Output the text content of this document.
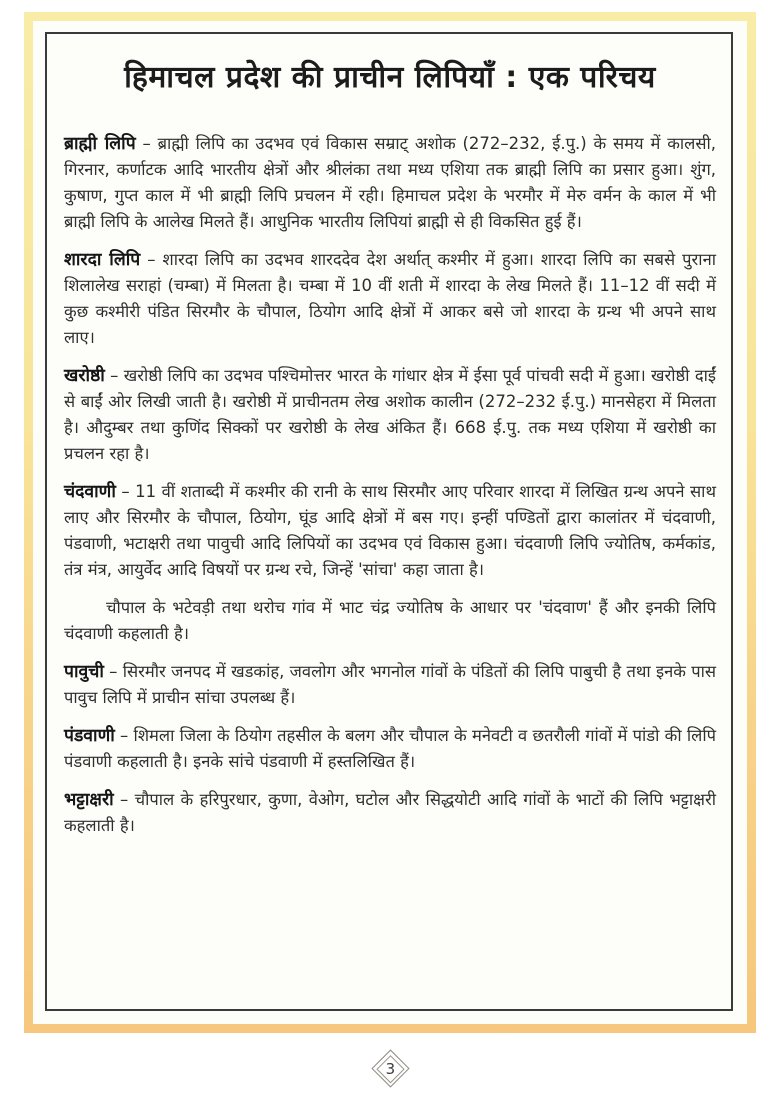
हिमाचल प्रदेश की प्राचीन लिपियाँ : एक परिचय

ब्राह्मी लिपि – ब्राह्मी लिपि का उदभव एवं विकास सम्राट् अशोक (272–232, ई.पु.) के समय में कालसी, गिरनार, कर्णाटक आदि भारतीय क्षेत्रों और श्रीलंका तथा मध्य एशिया तक ब्राह्मी लिपि का प्रसार हुआ। शुंग, कुषाण, गुप्त काल में भी ब्राह्मी लिपि प्रचलन में रही। हिमाचल प्रदेश के भरमौर में मेरु वर्मन के काल में भी ब्राह्मी लिपि के आलेख मिलते हैं। आधुनिक भारतीय लिपियां ब्राह्मी से ही विकसित हुई हैं।

शारदा लिपि – शारदा लिपि का उदभव शारददेव देश अर्थात् कश्मीर में हुआ। शारदा लिपि का सबसे पुराना शिलालेख सराहां (चम्बा) में मिलता है। चम्बा में 10 वीं शती में शारदा के लेख मिलते हैं। 11–12 वीं सदी में कुछ कश्मीरी पंडित सिरमौर के चौपाल, ठियोग आदि क्षेत्रों में आकर बसे जो शारदा के ग्रन्थ भी अपने साथ लाए।

खरोष्ठी – खरोष्ठी लिपि का उदभव पश्चिमोत्तर भारत के गांधार क्षेत्र में ईसा पूर्व पांचवी सदी में हुआ। खरोष्ठी दाईं से बाईं ओर लिखी जाती है। खरोष्ठी में प्राचीनतम लेख अशोक कालीन (272–232 ई.पु.) मानसेहरा में मिलता है। औदुम्बर तथा कुणिंद सिक्कों पर खरोष्ठी के लेख अंकित हैं। 668 ई.पु. तक मध्य एशिया में खरोष्ठी का प्रचलन रहा है।

चंदवाणी – 11 वीं शताब्दी में कश्मीर की रानी के साथ सिरमौर आए परिवार शारदा में लिखित ग्रन्थ अपने साथ लाए और सिरमौर के चौपाल, ठियोग, घूंड आदि क्षेत्रों में बस गए। इन्हीं पण्डितों द्वारा कालांतर में चंदवाणी, पंडवाणी, भटाक्षरी तथा पावुची आदि लिपियों का उदभव एवं विकास हुआ। चंदवाणी लिपि ज्योतिष, कर्मकांड, तंत्र मंत्र, आयुर्वेद आदि विषयों पर ग्रन्थ रचे, जिन्हें 'सांचा' कहा जाता है।

चौपाल के भटेवड़ी तथा थरोच गांव में भाट चंद्र ज्योतिष के आधार पर 'चंदवाण' हैं और इनकी लिपि चंदवाणी कहलाती है।

पावुची – सिरमौर जनपद में खडकांह, जवलोग और भगनोल गांवों के पंडितों की लिपि पाबुची है तथा इनके पास पावुच लिपि में प्राचीन सांचा उपलब्ध हैं।

पंडवाणी – शिमला जिला के ठियोग तहसील के बलग और चौपाल के मनेवटी व छतरौली गांवों में पांडो की लिपि पंडवाणी कहलाती है। इनके सांचे पंडवाणी में हस्तलिखित हैं।

भट्टाक्षरी – चौपाल के हरिपुरधार, कुणा, वेओग, घटोल और सिद्धयोटी आदि गांवों के भाटों की लिपि भट्टाक्षरी कहलाती है।

3
